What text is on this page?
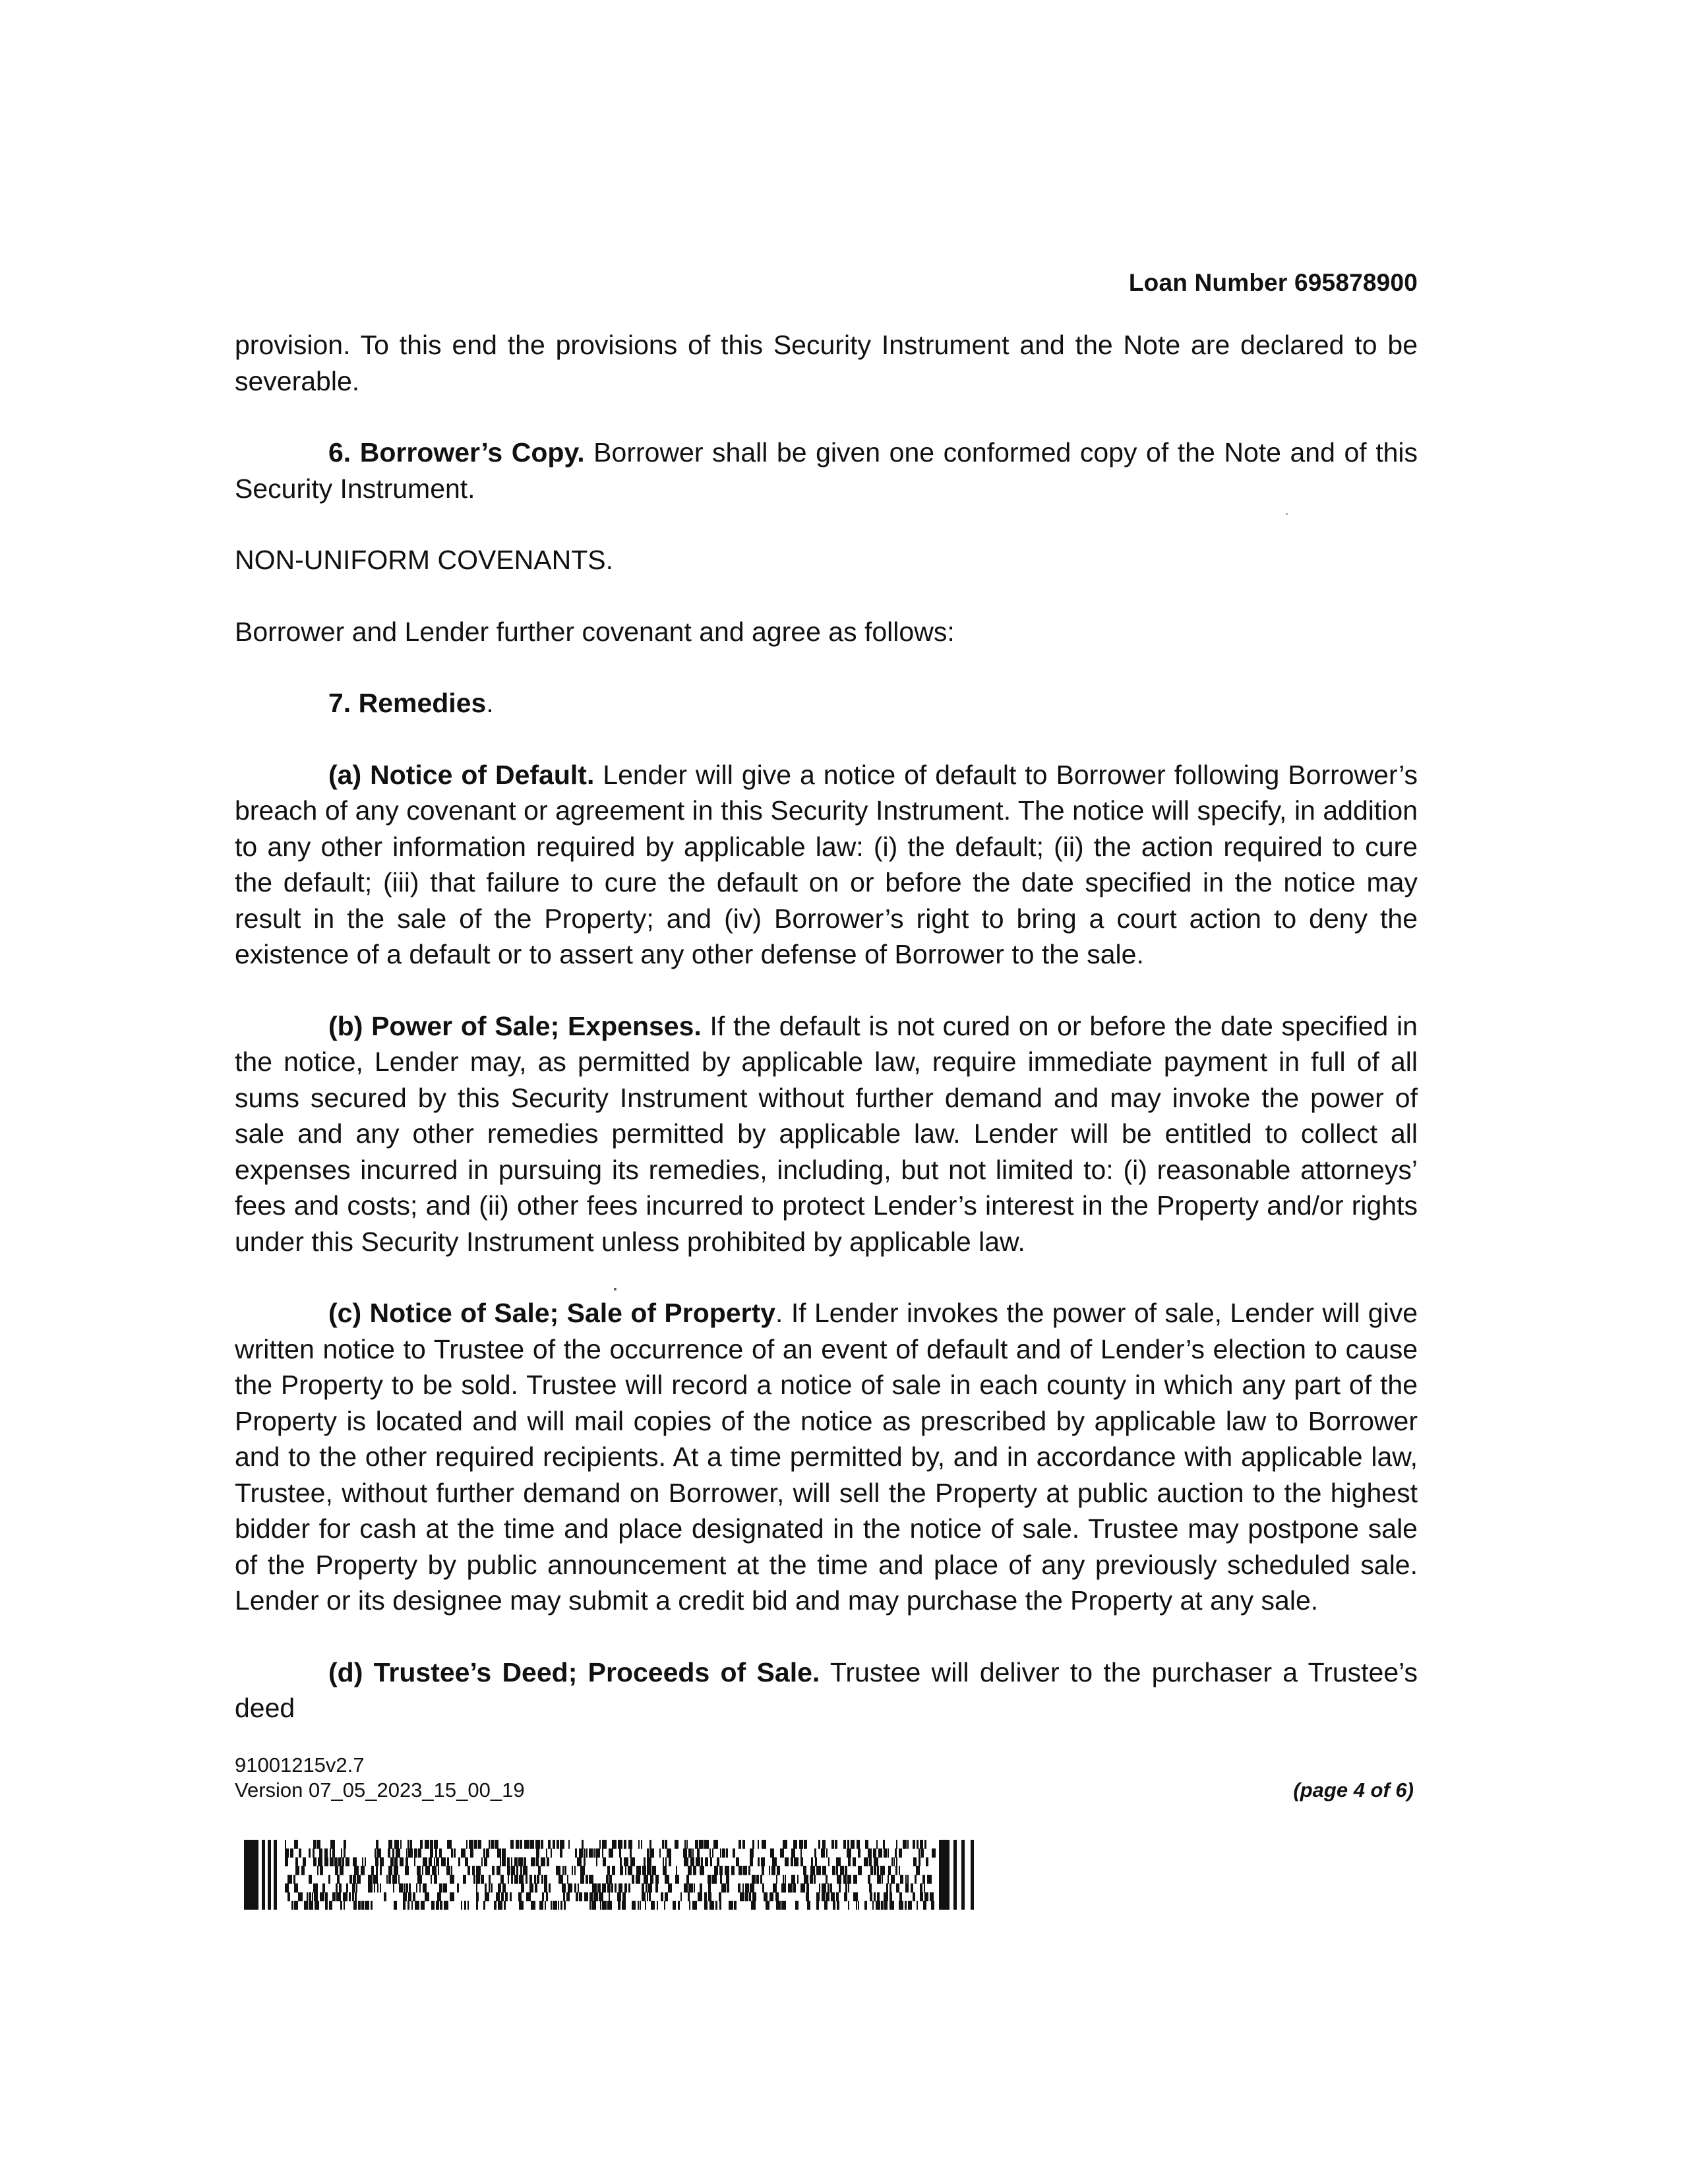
Loan Number 695878900

provision. To this end the provisions of this Security Instrument and the Note are declared to be severable.

6. Borrower’s Copy. Borrower shall be given one conformed copy of the Note and of this Security Instrument.

NON-UNIFORM COVENANTS.

Borrower and Lender further covenant and agree as follows:

7. Remedies.

(a) Notice of Default. Lender will give a notice of default to Borrower following Borrower’s breach of any covenant or agreement in this Security Instrument. The notice will specify, in addition to any other information required by applicable law: (i) the default; (ii) the action required to cure the default; (iii) that failure to cure the default on or before the date specified in the notice may result in the sale of the Property; and (iv) Borrower’s right to bring a court action to deny the existence of a default or to assert any other defense of Borrower to the sale.

(b) Power of Sale; Expenses. If the default is not cured on or before the date specified in the notice, Lender may, as permitted by applicable law, require immediate payment in full of all sums secured by this Security Instrument without further demand and may invoke the power of sale and any other remedies permitted by applicable law. Lender will be entitled to collect all expenses incurred in pursuing its remedies, including, but not limited to: (i) reasonable attorneys’ fees and costs; and (ii) other fees incurred to protect Lender’s interest in the Property and/or rights under this Security Instrument unless prohibited by applicable law.

(c) Notice of Sale; Sale of Property. If Lender invokes the power of sale, Lender will give written notice to Trustee of the occurrence of an event of default and of Lender’s election to cause the Property to be sold. Trustee will record a notice of sale in each county in which any part of the Property is located and will mail copies of the notice as prescribed by applicable law to Borrower and to the other required recipients. At a time permitted by, and in accordance with applicable law, Trustee, without further demand on Borrower, will sell the Property at public auction to the highest bidder for cash at the time and place designated in the notice of sale. Trustee may postpone sale of the Property by public announcement at the time and place of any previously scheduled sale. Lender or its designee may submit a credit bid and may purchase the Property at any sale.

(d) Trustee’s Deed; Proceeds of Sale. Trustee will deliver to the purchaser a Trustee’s deed

91001215v2.7
Version 07_05_2023_15_00_19	(page 4 of 6)
